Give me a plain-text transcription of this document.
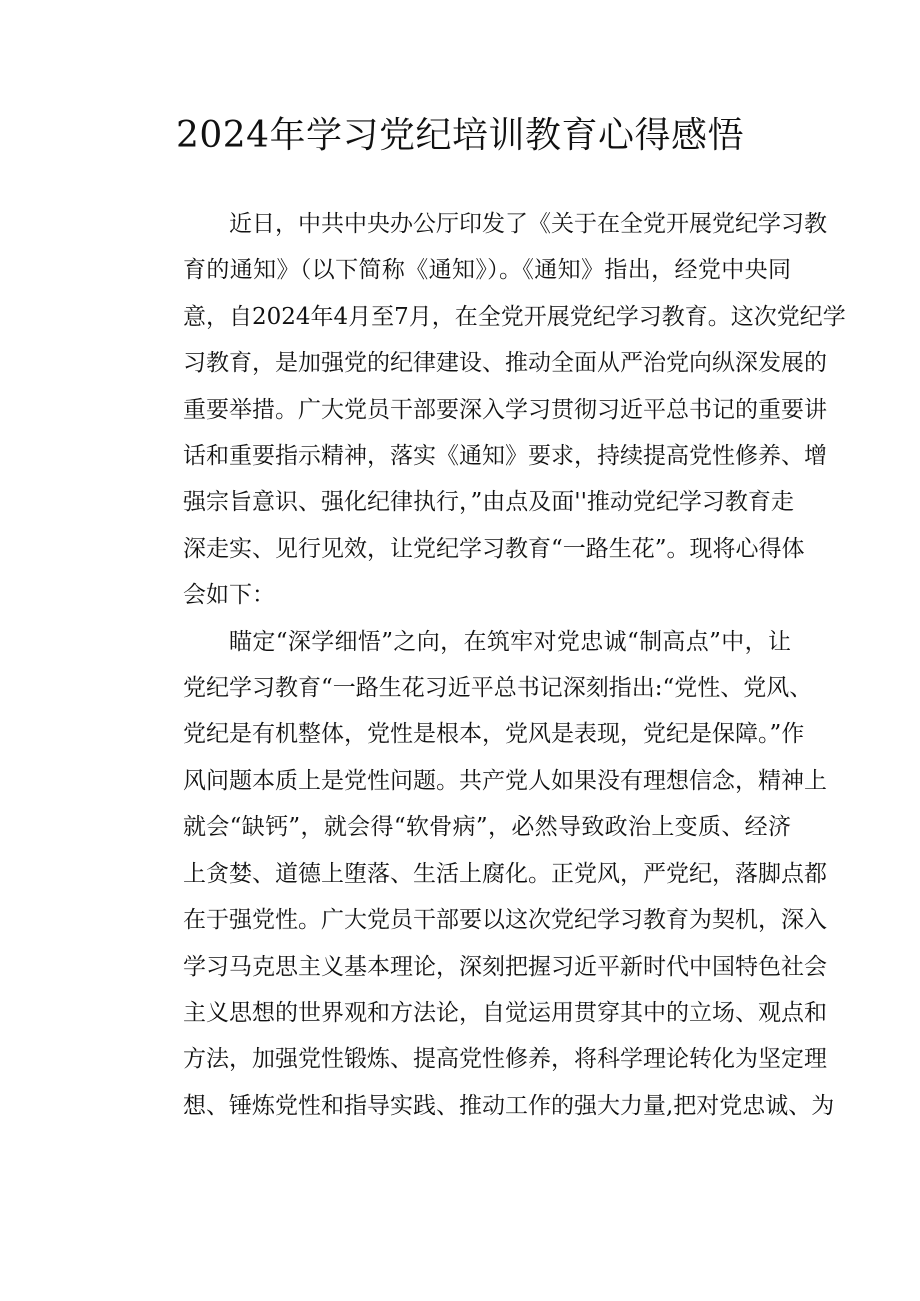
2024年学习党纪培训教育心得感悟
近日，中共中央办公厅印发了《关于在全党开展党纪学习教
育的通知》（以下简称《通知》）。《通知》指出，经党中央同
意，自2024年4月至7月，在全党开展党纪学习教育。这次党纪学
习教育，是加强党的纪律建设、推动全面从严治党向纵深发展的
重要举措。广大党员干部要深入学习贯彻习近平总书记的重要讲
话和重要指示精神，落实《通知》要求，持续提高党性修养、增
强宗旨意识、强化纪律执行，”由点及面''推动党纪学习教育走
深走实、见行见效，让党纪学习教育“一路生花”。现将心得体
会如下：
瞄定“深学细悟”之向，在筑牢对党忠诚“制高点”中，让
党纪学习教育“一路生花习近平总书记深刻指出:“党性、党风、
党纪是有机整体，党性是根本，党风是表现，党纪是保障。”作
风问题本质上是党性问题。共产党人如果没有理想信念，精神上
就会“缺钙”，就会得“软骨病”，必然导致政治上变质、经济
上贪婪、道德上堕落、生活上腐化。正党风，严党纪，落脚点都
在于强党性。广大党员干部要以这次党纪学习教育为契机，深入
学习马克思主义基本理论，深刻把握习近平新时代中国特色社会
主义思想的世界观和方法论，自觉运用贯穿其中的立场、观点和
方法，加强党性锻炼、提高党性修养，将科学理论转化为坚定理
想、锤炼党性和指导实践、推动工作的强大力量,把对党忠诚、为
